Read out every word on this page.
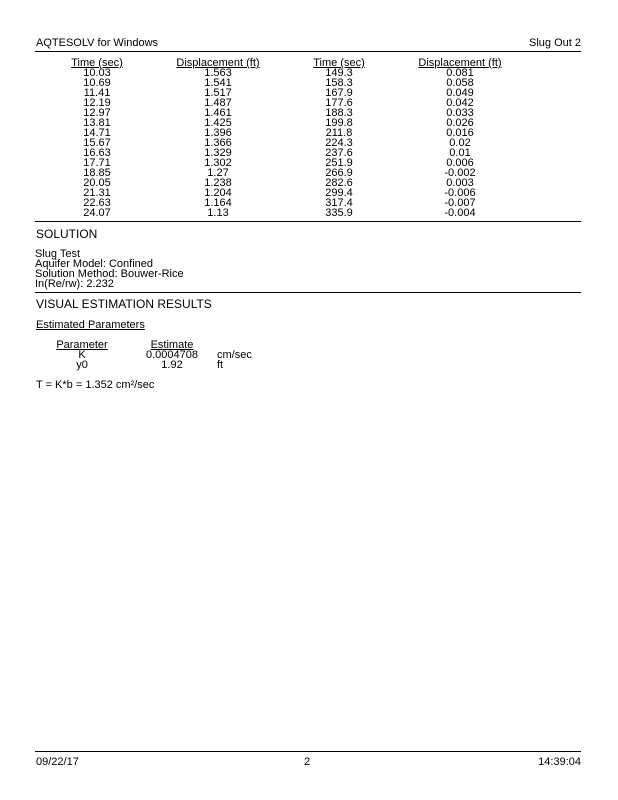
AQTESOLV for Windows	Slug Out 2
Time (sec)	Displacement (ft)	Time (sec)	Displacement (ft)
10.03	1.563	149.3	0.081
10.69	1.541	158.3	0.058
11.41	1.517	167.9	0.049
12.19	1.487	177.6	0.042
12.97	1.461	188.3	0.033
13.81	1.425	199.8	0.026
14.71	1.396	211.8	0.016
15.67	1.366	224.3	0.02
16.63	1.329	237.6	0.01
17.71	1.302	251.9	0.006
18.85	1.27	266.9	-0.002
20.05	1.238	282.6	0.003
21.31	1.204	299.4	-0.006
22.63	1.164	317.4	-0.007
24.07	1.13	335.9	-0.004
SOLUTION
Slug Test
Aquifer Model: Confined
Solution Method: Bouwer-Rice
In(Re/rw): 2.232
VISUAL ESTIMATION RESULTS
Estimated Parameters
Parameter	Estimate
K	0.0004708	cm/sec
y0	1.92	ft
T = K*b = 1.352 cm²/sec
09/22/17	2	14:39:04
